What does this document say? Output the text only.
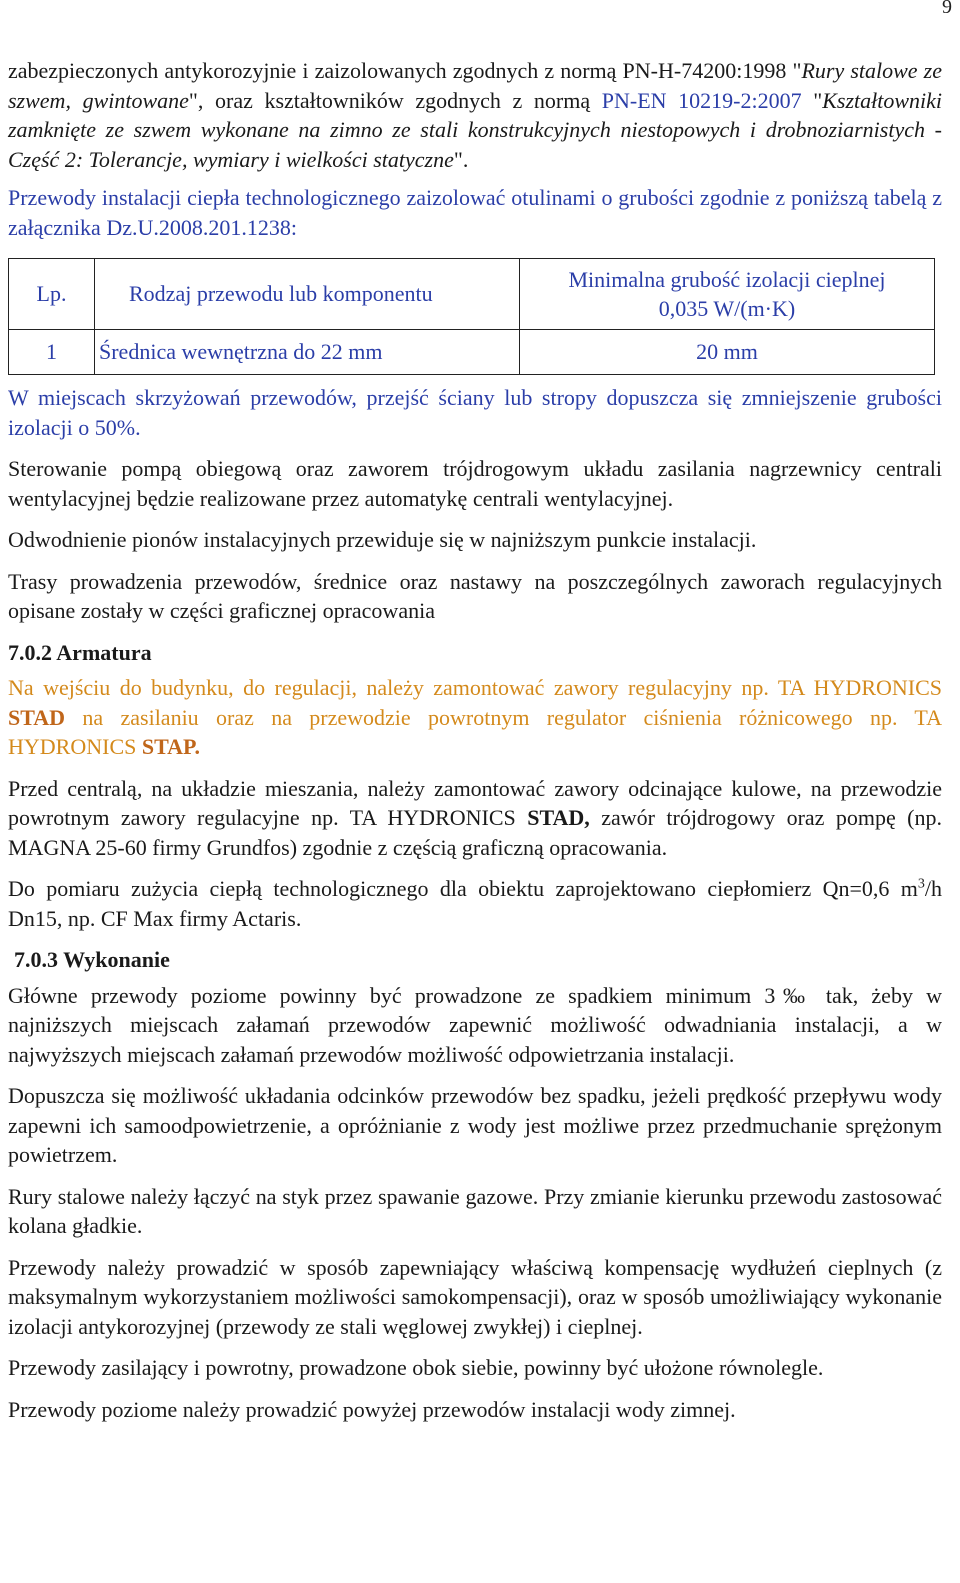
9

zabezpieczonych antykorozyjnie i zaizolowanych zgodnych z normą PN-H-74200:1998 "Rury stalowe ze szwem, gwintowane", oraz kształtowników zgodnych z normą PN-EN 10219-2:2007 "Kształtowniki zamknięte ze szwem wykonane na zimno ze stali konstrukcyjnych niestopowych i drobnoziarnistych - Część 2: Tolerancje, wymiary i wielkości statyczne".

Przewody instalacji ciepła technologicznego zaizolować otulinami o grubości zgodnie z poniższą tabelą z załącznika Dz.U.2008.201.1238:

Lp.	Rodzaj przewodu lub komponentu	Minimalna grubość izolacji cieplnej
0,035 W/(m·K)
1	Średnica wewnętrzna do 22 mm	20 mm

W miejscach skrzyżowań przewodów, przejść ściany lub stropy dopuszcza się zmniejszenie grubości izolacji o 50%.

Sterowanie pompą obiegową oraz zaworem trójdrogowym układu zasilania nagrzewnicy centrali wentylacyjnej będzie realizowane przez automatykę centrali wentylacyjnej.

Odwodnienie pionów instalacyjnych przewiduje się w najniższym punkcie instalacji.

Trasy prowadzenia przewodów, średnice oraz nastawy na poszczególnych zaworach regulacyjnych opisane zostały w części graficznej opracowania

7.0.2 Armatura

Na wejściu do budynku, do regulacji, należy zamontować zawory regulacyjny np. TA HYDRONICS STAD na zasilaniu oraz na przewodzie powrotnym regulator ciśnienia różnicowego np. TA HYDRONICS STAP.

Przed centralą, na układzie mieszania, należy zamontować zawory odcinające kulowe, na przewodzie powrotnym zawory regulacyjne np. TA HYDRONICS STAD, zawór trójdrogowy oraz pompę (np. MAGNA 25-60 firmy Grundfos) zgodnie z częścią graficzną opracowania.

Do pomiaru zużycia ciepłą technologicznego dla obiektu zaprojektowano ciepłomierz Qn=0,6 $m^3/h$ Dn15, np. CF Max firmy Actaris.

7.0.3 Wykonanie

Główne przewody poziome powinny być prowadzone ze spadkiem minimum 3‰ tak, żeby w najniższych miejscach załamań przewodów zapewnić możliwość odwadniania instalacji, a w najwyższych miejscach załamań przewodów możliwość odpowietrzania instalacji.

Dopuszcza się możliwość układania odcinków przewodów bez spadku, jeżeli prędkość przepływu wody zapewni ich samoodpowietrzenie, a opróżnianie z wody jest możliwe przez przedmuchanie sprężonym powietrzem.

Rury stalowe należy łączyć na styk przez spawanie gazowe. Przy zmianie kierunku przewodu zastosować kolana gładkie.

Przewody należy prowadzić w sposób zapewniający właściwą kompensację wydłużeń cieplnych (z maksymalnym wykorzystaniem możliwości samokompensacji), oraz w sposób umożliwiający wykonanie izolacji antykorozyjnej (przewody ze stali węglowej zwykłej) i cieplnej.

Przewody zasilający i powrotny, prowadzone obok siebie, powinny być ułożone równolegle.

Przewody poziome należy prowadzić powyżej przewodów instalacji wody zimnej.
